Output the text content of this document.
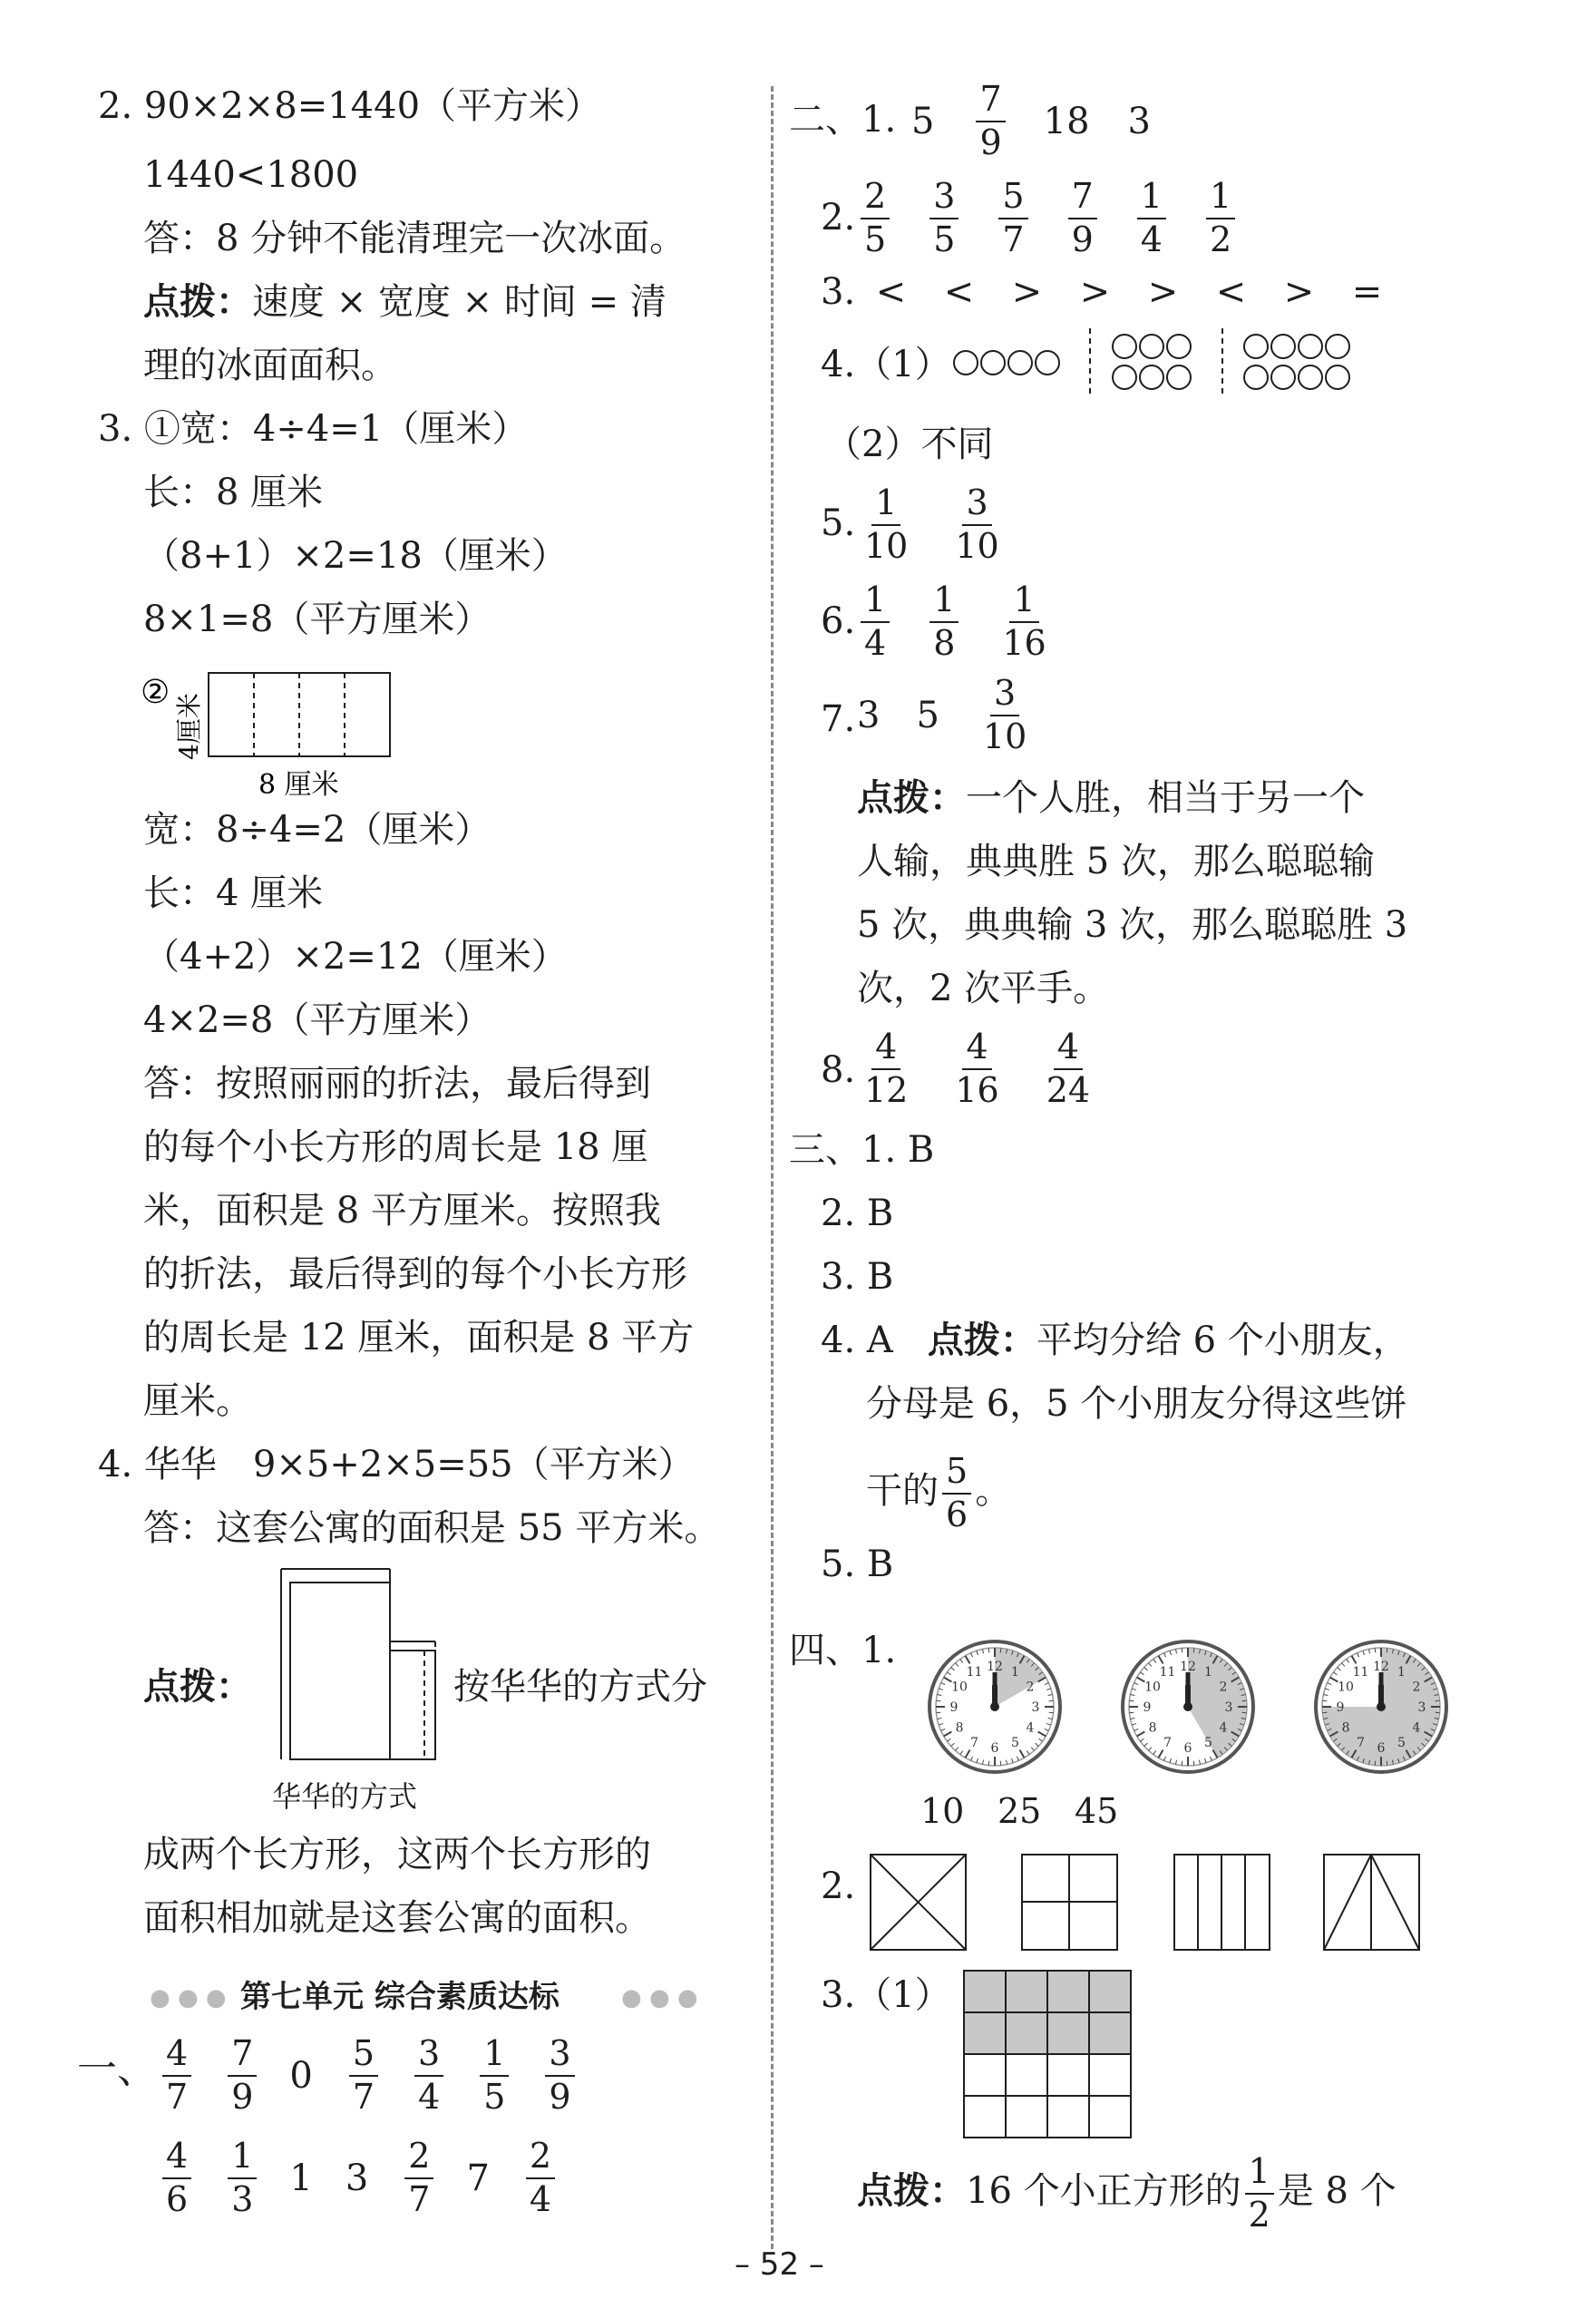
2. 90×2×8=1440（平方米）
1440<1800
答：8 分钟不能清理完一次冰面。
点拨：速度 × 宽度 × 时间 = 清
理的冰面面积。
3. ①宽：4÷4=1（厘米）
长：8 厘米
（8+1）×2=18（厘米）
8×1=8（平方厘米）
②
4厘米
8 厘米
宽：8÷4=2（厘米）
长：4 厘米
（4+2）×2=12（厘米）
4×2=8（平方厘米）
答：按照丽丽的折法，最后得到
的每个小长方形的周长是 18 厘
米，面积是 8 平方厘米。按照我
的折法，最后得到的每个小长方形
的周长是 12 厘米，面积是 8 平方
厘米。
4. 华华　9×5+2×5=55（平方米）
答：这套公寓的面积是 55 平方米。
点拨：	按华华的方式分
华华的方式
成两个长方形，这两个长方形的
面积相加就是这套公寓的面积。
● ● ● 第七单元 综合素质达标	● ● ●
一、 $\frac{4}{7} \frac{7}{9} 0 \frac{5}{7} \frac{3}{4} \frac{1}{5} \frac{3}{9}$
$\frac{4}{6} \frac{1}{3} 1$ $3 \frac{2}{7} 7 \frac{2}{4}$
二、1. $5 \frac{7}{9} 18$ 3
2. $\frac{2}{5} \frac{3}{5} \frac{5}{7} \frac{7}{9} \frac{1}{4} \frac{1}{2}$
3. < < > > > < > =
4.（1）
（2）不同
5. $\frac{1}{10} \frac{3}{10}$
6. $\frac{1}{4} \frac{1}{8} \frac{1}{16}$
7. 3 $5 \frac{3}{10}$
点拨：一个人胜，相当于另一个
人输，典典胜 5 次，那么聪聪输
5 次，典典输 3 次，那么聪聪胜 3
次，2 次平手。
8. $\frac{4}{12} \frac{4}{16} \frac{4}{24}$
三、1. B
2. B
3. B
4. A 点拨：平均分给 6 个小朋友，
分母是 6，5 个小朋友分得这些饼
干的 $\frac{5}{6}$ 。
5. B
四、1.
1
2
3
4
5
6
7
8
9
10
11 12	1
2
3
4
5
6
7
8
9
10
11 12	1
2
3
4
5
6
7
8
9
10
11 12
10 25 45
2.
3.（1）
点拨：16 个小正方形的 $\frac{1}{2}$ 是 8 个
– 52 –
